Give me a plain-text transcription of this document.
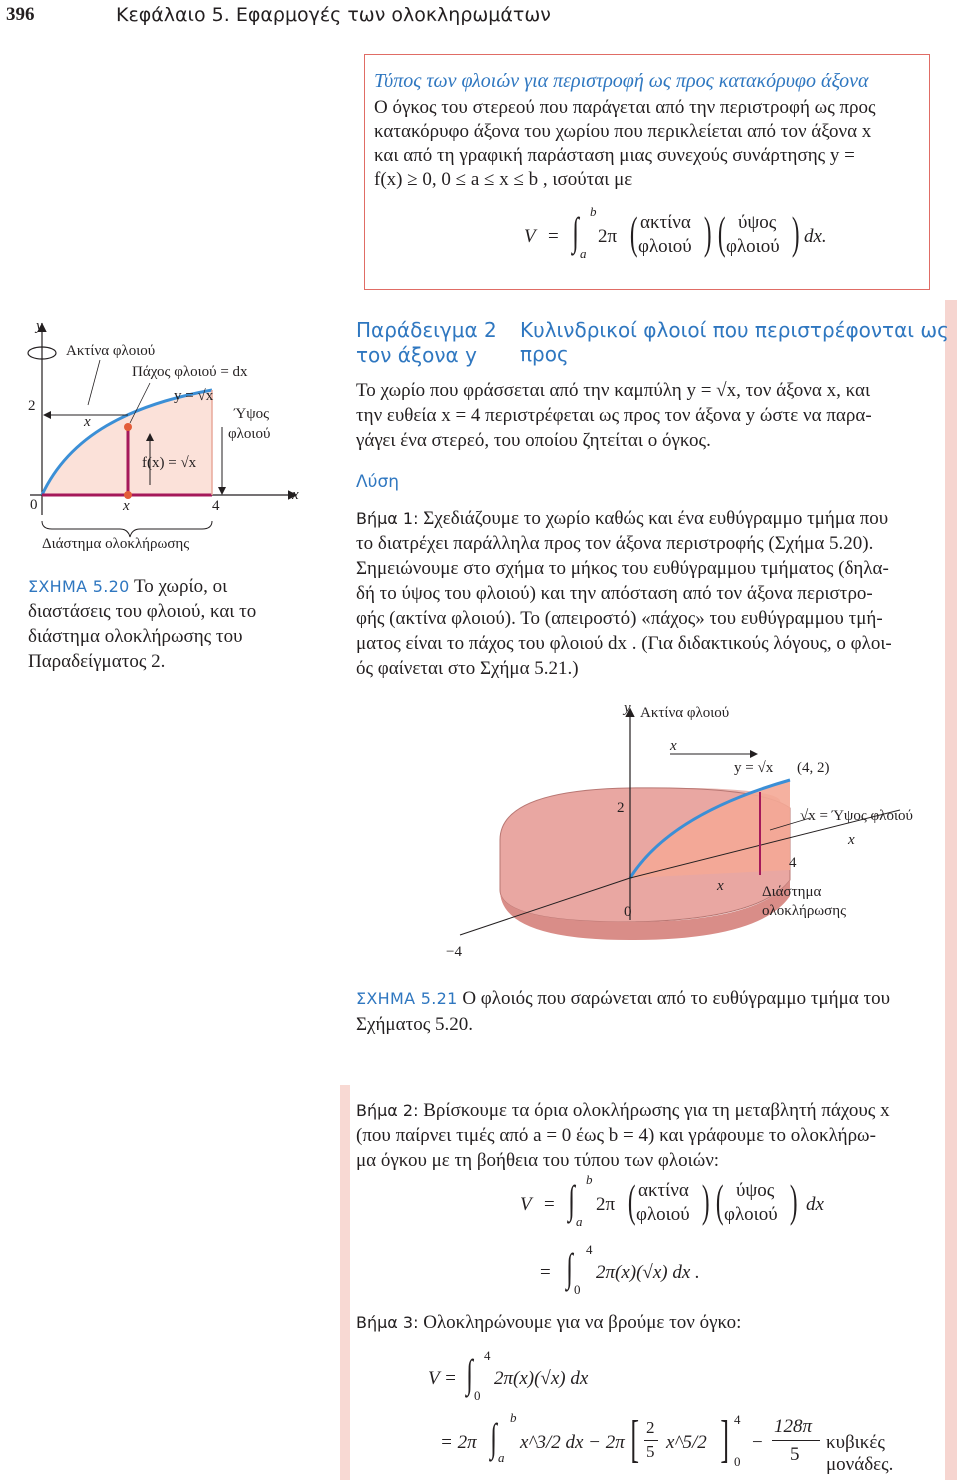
396	Κεφάλαιο 5. Εφαρμογές των ολοκληρωμάτων
Τύπος των φλοιών για περιστροφή ως προς κατακόρυφο άξονα
Ο όγκος του στερεού που παράγεται από την περιστροφή ως προς
κατακόρυφο άξονα του χωρίου που περικλείεται από τον άξονα x
και από τη γραφική παράσταση μιας συνεχούς συνάρτησης y =
f(x) ≥ 0, 0 ≤ a ≤ x ≤ b , ισούται με
V = ∫ b
a
2π ( ακτίνα
φλοιού ) ( ύψος
φλοιού ) dx.
y
Ακτίνα φλοιού
Πάχος φλοιού = dx
y = √x
Ύψος
φλοιού
x
2
f(x) = √x
0	x	4
x
Διάστημα ολοκλήρωσης
ΣΧΗΜΑ 5.20 Το χωρίο, οι
διαστάσεις του φλοιού, και το
διάστημα ολοκλήρωσης του
Παραδείγματος 2.
Παράδειγμα 2 Κυλινδρικοί φλοιοί που περιστρέφονται ως προς
τον άξονα y
Το χωρίο που φράσσεται από την καμπύλη y = √x, τον άξονα x, και
την ευθεία x = 4 περιστρέφεται ως προς τον άξονα y ώστε να παρα-
γάγει ένα στερεό, του οποίου ζητείται ο όγκος.
Λύση
Βήμα 1: Σχεδιάζουμε το χωρίο καθώς και ένα ευθύγραμμο τμήμα που
το διατρέχει παράλληλα προς τον άξονα περιστροφής (Σχήμα 5.20).
Σημειώνουμε στο σχήμα το μήκος του ευθύγραμμου τμήματος (δηλα-
δή το ύψος του φλοιού) και την απόσταση από τον άξονα περιστρο-
φής (ακτίνα φλοιού). Το (απειροστό) «πάχος» του ευθύγραμμου τμή-
ματος είναι το πάχος του φλοιού dx . (Για διδακτικούς λόγους, ο φλοι-
ός φαίνεται στο Σχήμα 5.21.)
y Ακτίνα φλοιού
x
y = √x (4, 2)
2	√x = Ύψος φλοιού
x
4
x	Διάστημα
ολοκλήρωσης
0
−4
ΣΧΗΜΑ 5.21 Ο φλοιός που σαρώνεται από το ευθύγραμμο τμήμα του
Σχήματος 5.20.
Βήμα 2: Βρίσκουμε τα όρια ολοκλήρωσης για τη μεταβλητή πάχους x
(που παίρνει τιμές από a = 0 έως b = 4) και γράφουμε το ολοκλήρω-
μα όγκου με τη βοήθεια του τύπου των φλοιών:
V = ∫ b
a
2π ( ακτίνα
φλοιού ) ( ύψος
φλοιού ) dx
= ∫ 4
0
2π(x)(√x) dx .
Βήμα 3: Ολοκληρώνουμε για να βρούμε τον όγκο:
V = ∫ 4
0
2π(x)(√x) dx
= 2π ∫ b
a
x^3/2 dx − 2π [ 2
5 x^5/2 ] 4
0
−
128π
5
κυβικές μονάδες.
